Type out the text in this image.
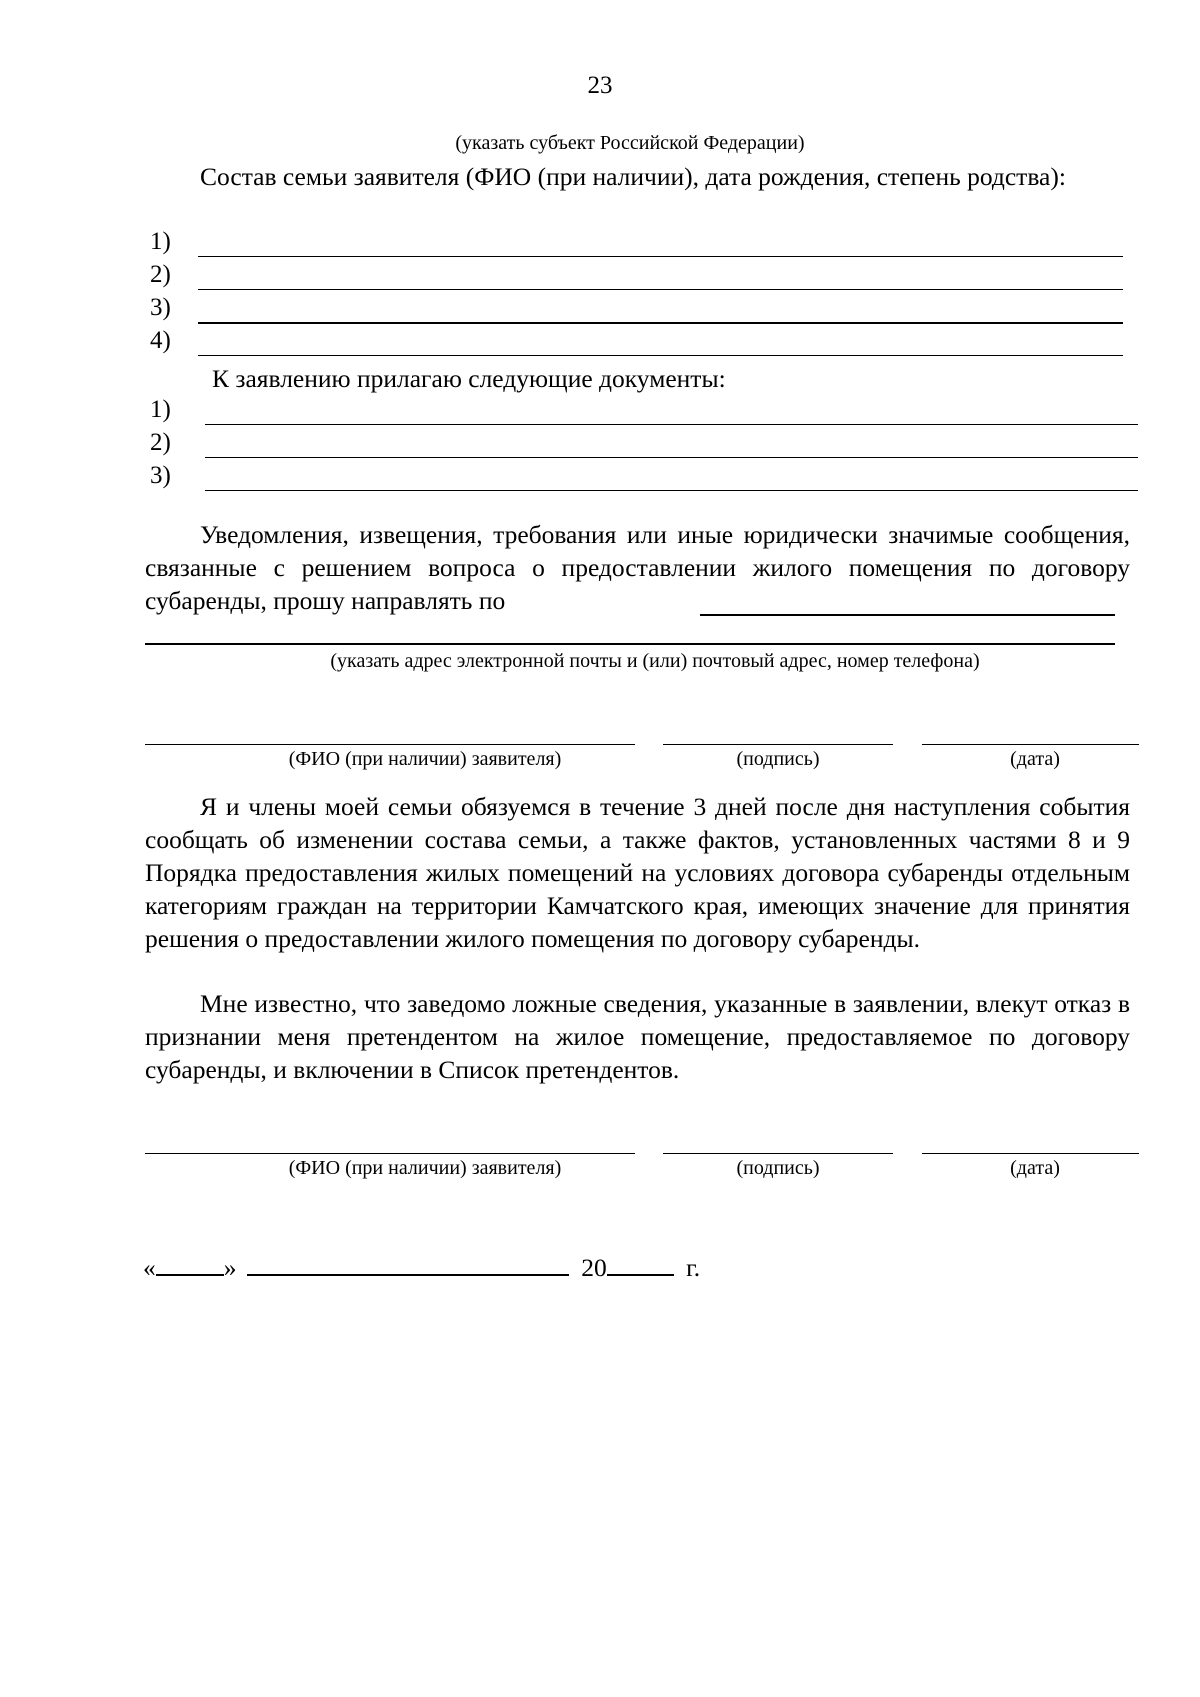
23
(указать субъект Российской Федерации)
Состав семьи заявителя (ФИО (при наличии), дата рождения, степень родства):
1)
2)
3)
4)
К заявлению прилагаю следующие документы:
1)
2)
3)
Уведомления, извещения, требования или иные юридически значимые сообщения, связанные с решением вопроса о предоставлении жилого помещения по договору субаренды, прошу направлять по
(указать адрес электронной почты и (или) почтовый адрес, номер телефона)
(ФИО (при наличии) заявителя)	(подпись)	(дата)
Я и члены моей семьи обязуемся в течение 3 дней после дня наступления события сообщать об изменении состава семьи, а также фактов, установленных частями 8 и 9 Порядка предоставления жилых помещений на условиях договора субаренды отдельным категориям граждан на территории Камчатского края, имеющих значение для принятия решения о предоставлении жилого помещения по договору субаренды.
Мне известно, что заведомо ложные сведения, указанные в заявлении, влекут отказ в признании меня претендентом на жилое помещение, предоставляемое по договору субаренды, и включении в Список претендентов.
(ФИО (при наличии) заявителя)	(подпись)	(дата)
«	»	20	г.
